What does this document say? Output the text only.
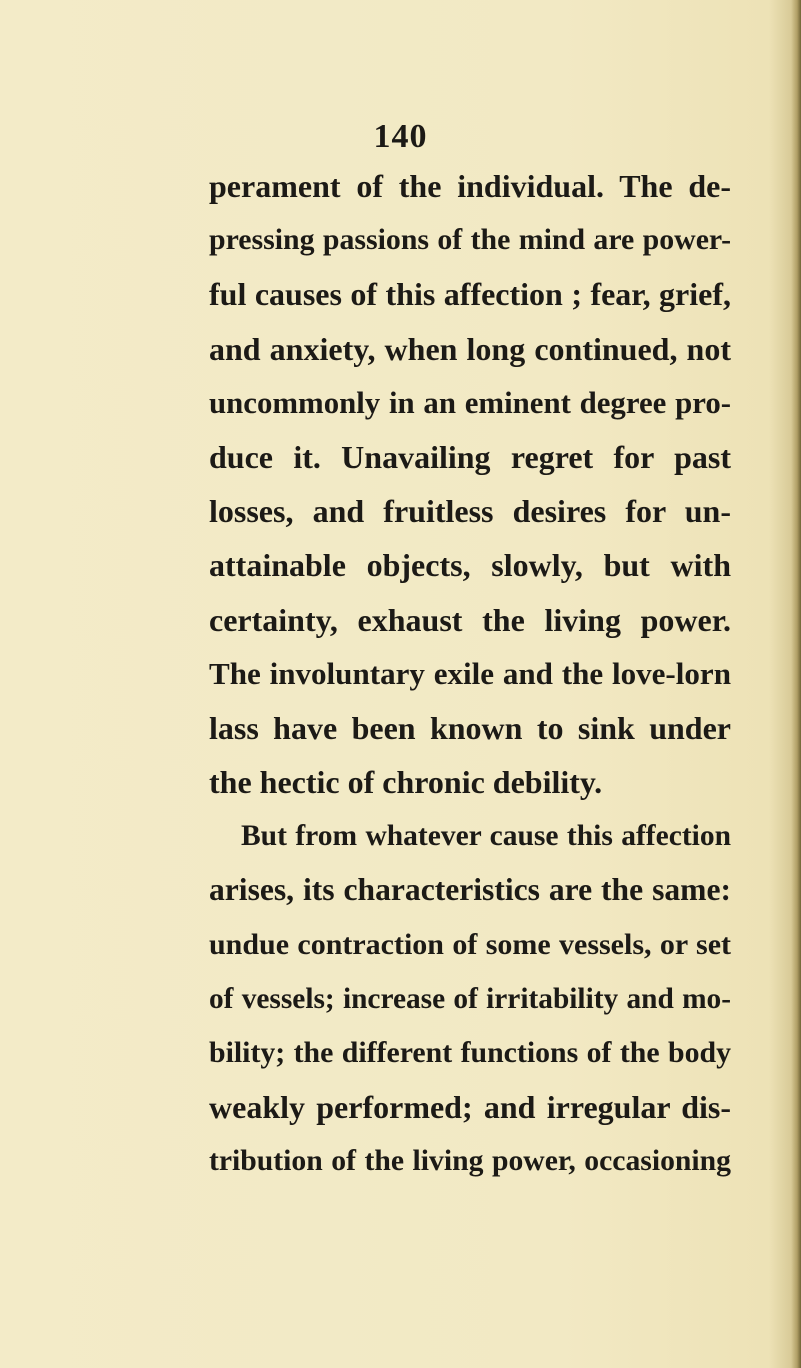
140
perament of the individual. The de-
pressing passions of the mind are power-
ful causes of this affection ; fear, grief,
and anxiety, when long continued, not
uncommonly in an eminent degree pro-
duce it. Unavailing regret for past
losses, and fruitless desires for un-
attainable objects, slowly, but with
certainty, exhaust the living power.
The involuntary exile and the love-lorn
lass have been known to sink under
the hectic of chronic debility.
But from whatever cause this affection
arises, its characteristics are the same:
undue contraction of some vessels, or set
of vessels; increase of irritability and mo-
bility; the different functions of the body
weakly performed; and irregular dis-
tribution of the living power, occasioning
